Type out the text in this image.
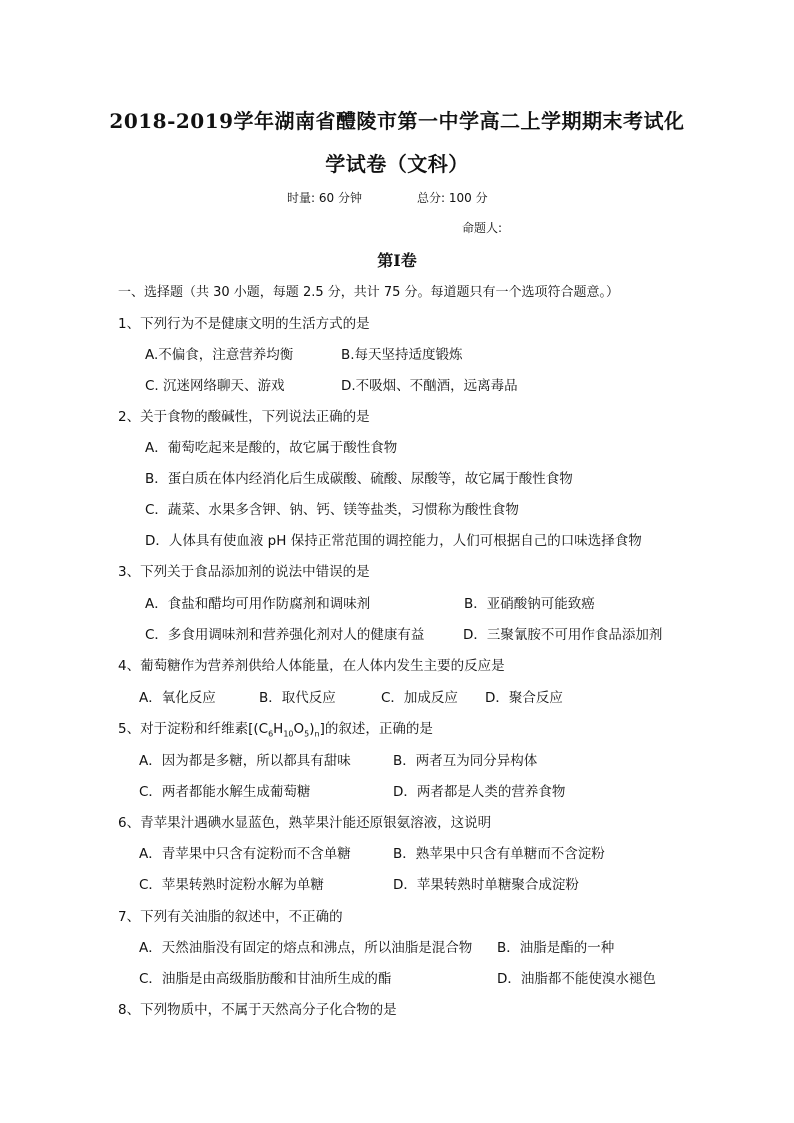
2018-2019学年湖南省醴陵市第一中学高二上学期期末考试化
学试卷（文科）
时量: 60 分钟	总分: 100 分
命题人:
第Ⅰ卷
一、选择题（共 30 小题，每题 2.5 分，共计 75 分。每道题只有一个选项符合题意。）
1、下列行为不是健康文明的生活方式的是
A.不偏食，注意营养均衡	B.每天坚持适度锻炼
C. 沉迷网络聊天、游戏	D.不吸烟、不酗酒，远离毒品
2、关于食物的酸碱性，下列说法正确的是
A．葡萄吃起来是酸的，故它属于酸性食物
B．蛋白质在体内经消化后生成碳酸、硫酸、尿酸等，故它属于酸性食物
C．蔬菜、水果多含钾、钠、钙、镁等盐类，习惯称为酸性食物
D．人体具有使血液 pH 保持正常范围的调控能力，人们可根据自己的口味选择食物
3、下列关于食品添加剂的说法中错误的是
A．食盐和醋均可用作防腐剂和调味剂	B．亚硝酸钠可能致癌
C．多食用调味剂和营养强化剂对人的健康有益	D．三聚氰胺不可用作食品添加剂
4、葡萄糖作为营养剂供给人体能量，在人体内发生主要的反应是
A．氧化反应	B．取代反应	C．加成反应 D．聚合反应
5、对于淀粉和纤维素$[(C_6H_{10}O_5)_n]$的叙述，正确的是
A．因为都是多糖，所以都具有甜味	B．两者互为同分异构体
C．两者都能水解生成葡萄糖	D．两者都是人类的营养食物
6、青苹果汁遇碘水显蓝色，熟苹果汁能还原银氨溶液，这说明
A．青苹果中只含有淀粉而不含单糖	B．熟苹果中只含有单糖而不含淀粉
C．苹果转熟时淀粉水解为单糖	D．苹果转熟时单糖聚合成淀粉
7、下列有关油脂的叙述中，不正确的
A．天然油脂没有固定的熔点和沸点，所以油脂是混合物 B．油脂是酯的一种
C．油脂是由高级脂肪酸和甘油所生成的酯	D．油脂都不能使溴水褪色
8、下列物质中，不属于天然高分子化合物的是
